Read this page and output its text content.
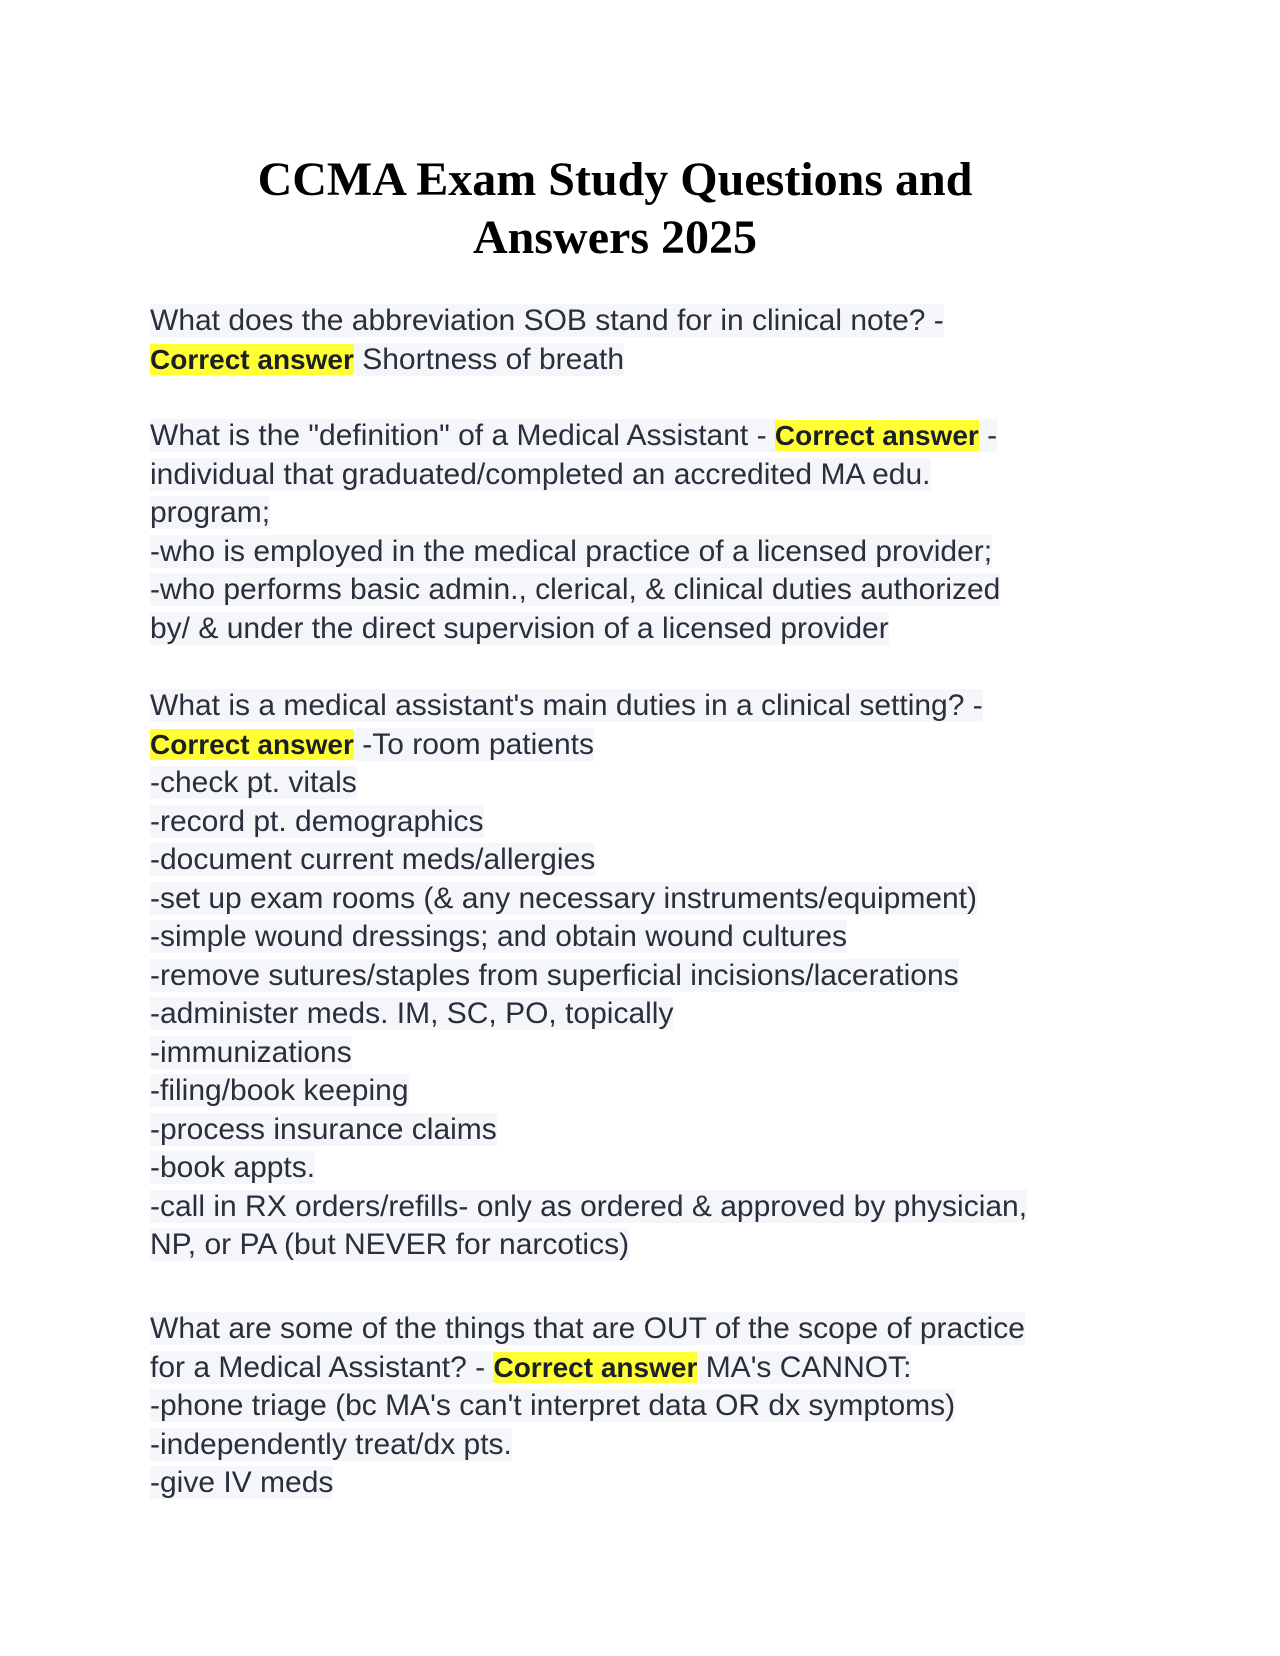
CCMA Exam Study Questions and
Answers 2025
What does the abbreviation SOB stand for in clinical note? -
Correct answer Shortness of breath
What is the "definition" of a Medical Assistant - Correct answer -
individual that graduated/completed an accredited MA edu.
program;
-who is employed in the medical practice of a licensed provider;
-who performs basic admin., clerical, & clinical duties authorized
by/ & under the direct supervision of a licensed provider
What is a medical assistant's main duties in a clinical setting? -
Correct answer -To room patients
-check pt. vitals
-record pt. demographics
-document current meds/allergies
-set up exam rooms (& any necessary instruments/equipment)
-simple wound dressings; and obtain wound cultures
-remove sutures/staples from superficial incisions/lacerations
-administer meds. IM, SC, PO, topically
-immunizations
-filing/book keeping
-process insurance claims
-book appts.
-call in RX orders/refills- only as ordered & approved by physician,
NP, or PA (but NEVER for narcotics)
What are some of the things that are OUT of the scope of practice
for a Medical Assistant? - Correct answer MA's CANNOT:
-phone triage (bc MA's can't interpret data OR dx symptoms)
-independently treat/dx pts.
-give IV meds
